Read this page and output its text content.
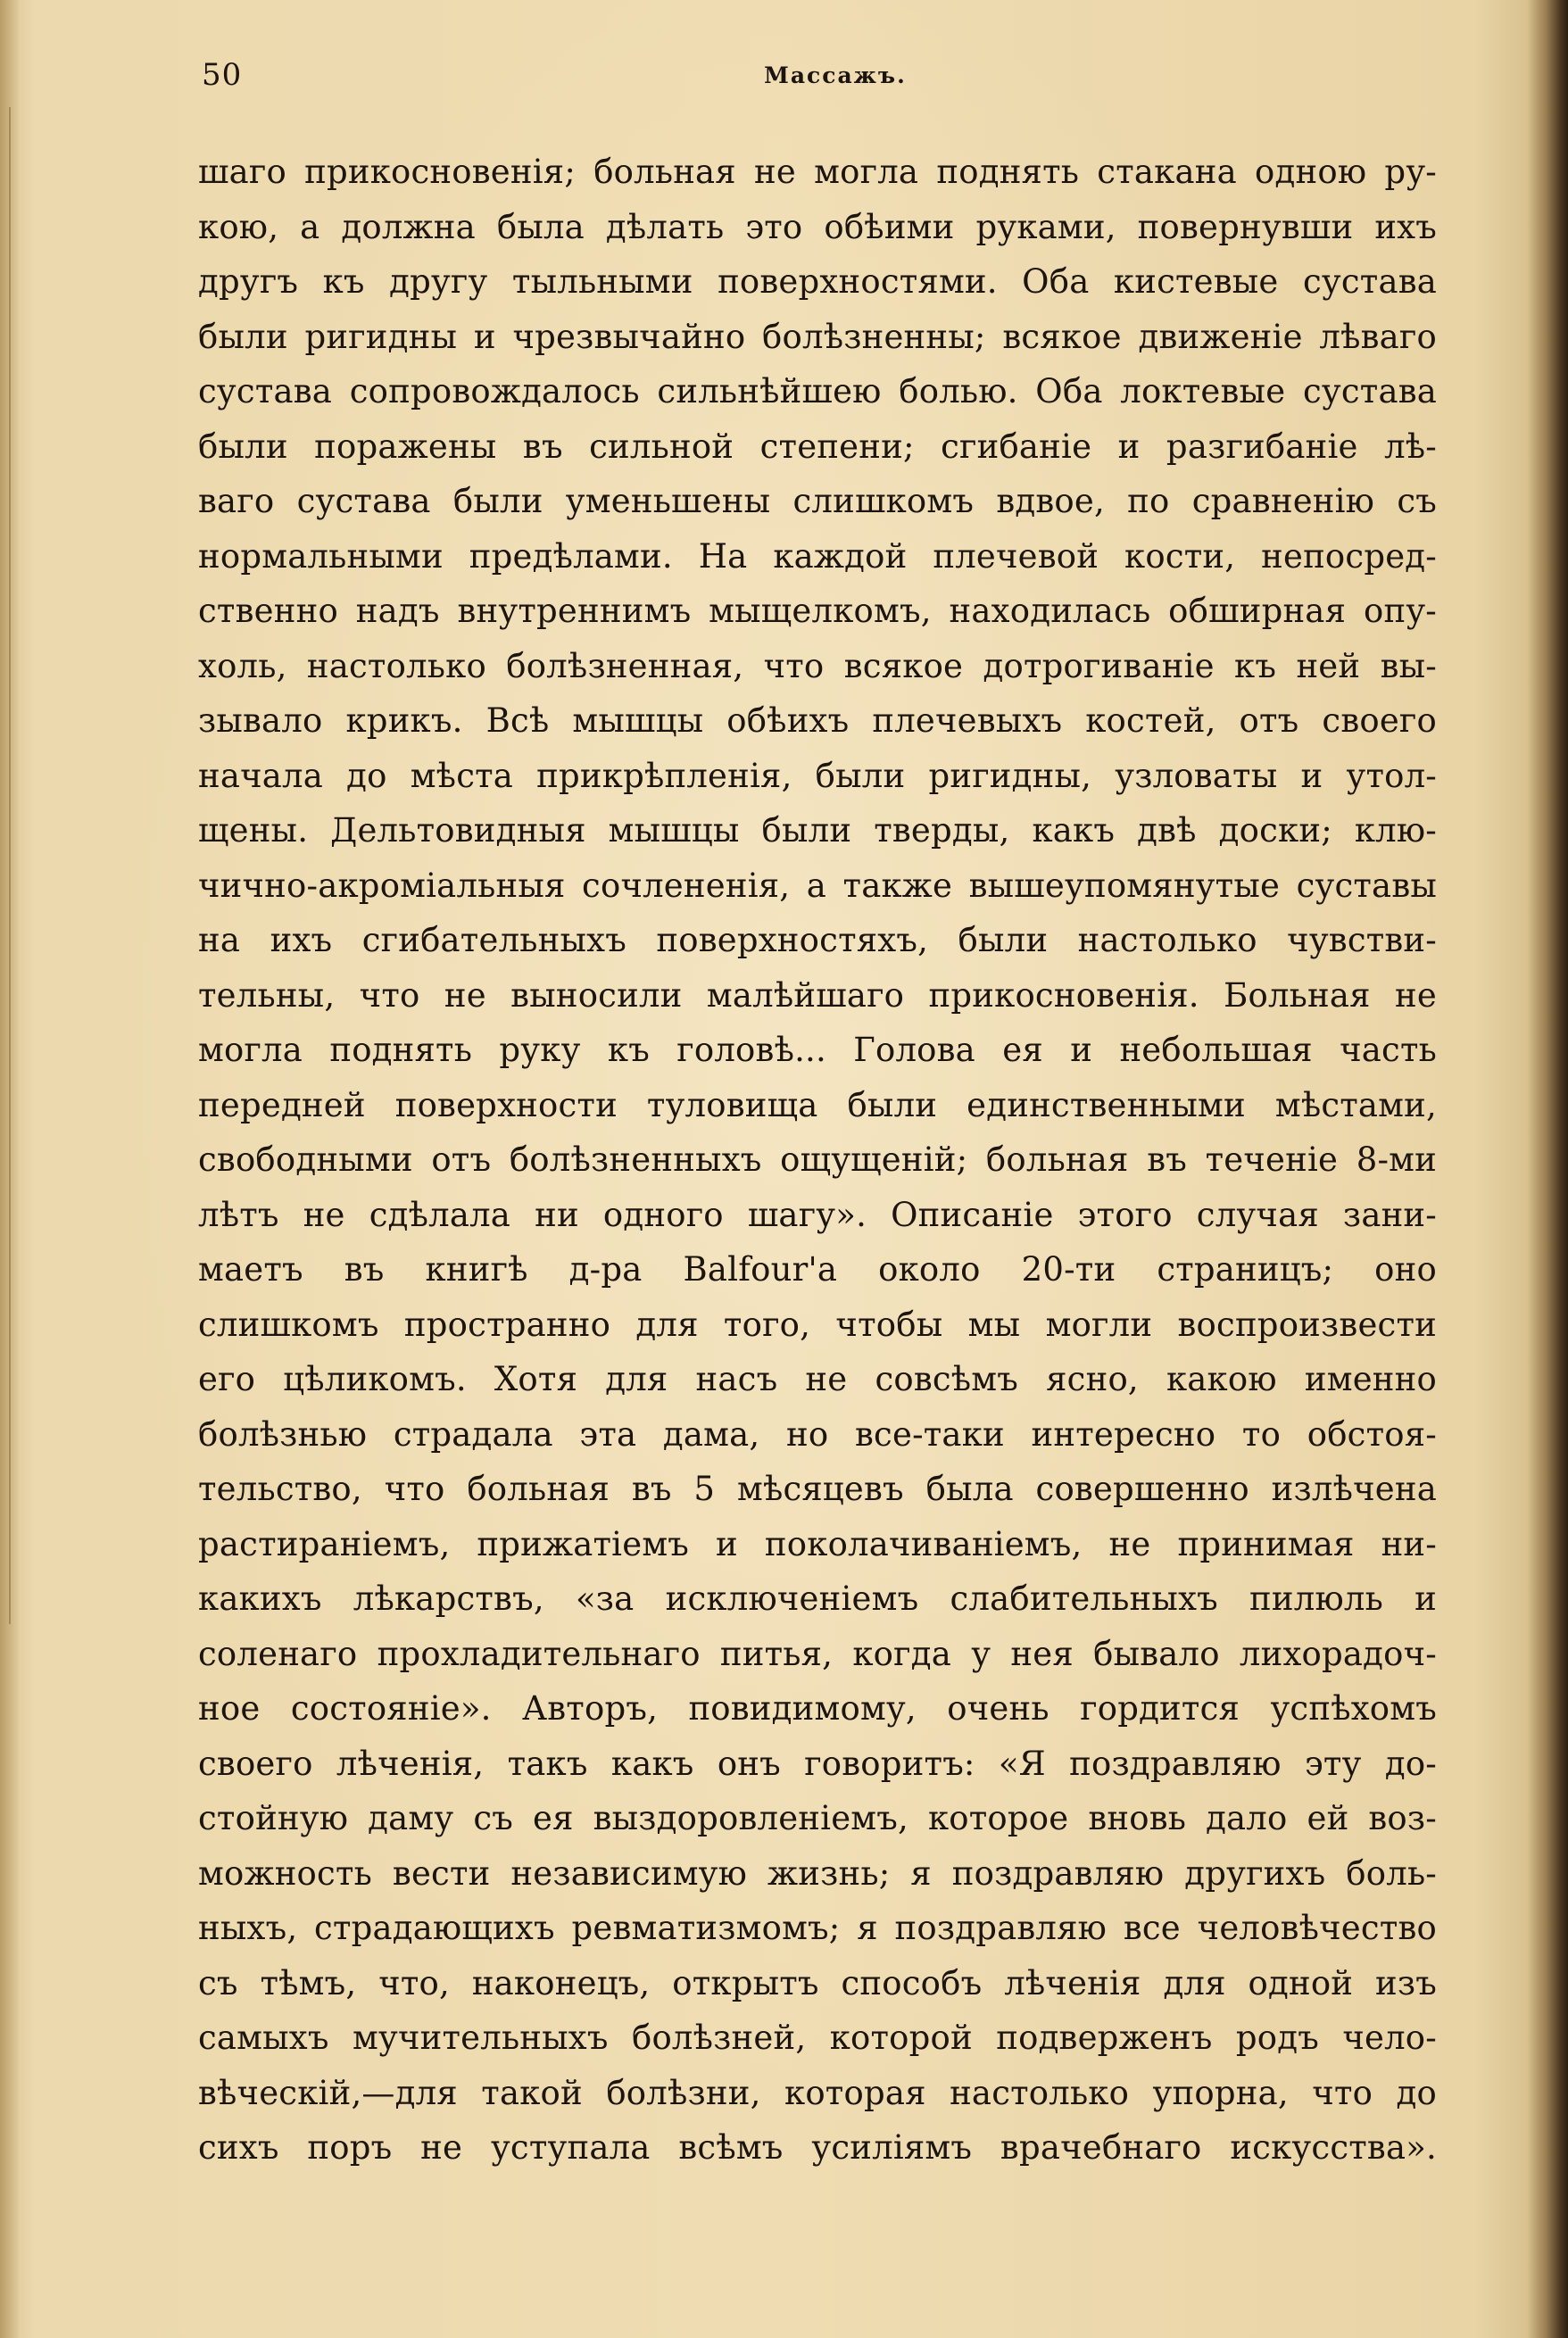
50	Массажъ.
шаго прикосновенія; больная не могла поднять стакана одною ру-
кою, а должна была дѣлать это обѣими руками, повернувши ихъ
другъ къ другу тыльными поверхностями. Оба кистевые сустава
были ригидны и чрезвычайно болѣзненны; всякое движеніе лѣваго
сустава сопровождалось сильнѣйшею болью. Оба локтевые сустава
были поражены въ сильной степени; сгибаніе и разгибаніе лѣ-
ваго сустава были уменьшены слишкомъ вдвое, по сравненію съ
нормальными предѣлами. На каждой плечевой кости, непосред-
ственно надъ внутреннимъ мыщелкомъ, находилась обширная опу-
холь, настолько болѣзненная, что всякое дотрогиваніе къ ней вы-
зывало крикъ. Всѣ мышцы обѣихъ плечевыхъ костей, отъ своего
начала до мѣста прикрѣпленія, были ригидны, узловаты и утол-
щены. Дельтовидныя мышцы были тверды, какъ двѣ доски; клю-
чично-акроміальныя сочлененія, а также вышеупомянутые суставы
на ихъ сгибательныхъ поверхностяхъ, были настолько чувстви-
тельны, что не выносили малѣйшаго прикосновенія. Больная не
могла поднять руку къ головѣ... Голова ея и небольшая часть
передней поверхности туловища были единственными мѣстами,
свободными отъ болѣзненныхъ ощущеній; больная въ теченіе 8-ми
лѣтъ не сдѣлала ни одного шагу». Описаніе этого случая зани-
маетъ въ книгѣ д-ра Balfour'а около 20-ти страницъ; оно
слишкомъ пространно для того, чтобы мы могли воспроизвести
его цѣликомъ. Хотя для насъ не совсѣмъ ясно, какою именно
болѣзнью страдала эта дама, но все-таки интересно то обстоя-
тельство, что больная въ 5 мѣсяцевъ была совершенно излѣчена
растираніемъ, прижатіемъ и поколачиваніемъ, не принимая ни-
какихъ лѣкарствъ, «за исключеніемъ слабительныхъ пилюль и
соленаго прохладительнаго питья, когда у нея бывало лихорадоч-
ное состояніе». Авторъ, повидимому, очень гордится успѣхомъ
своего лѣченія, такъ какъ онъ говоритъ: «Я поздравляю эту до-
стойную даму съ ея выздоровленіемъ, которое вновь дало ей воз-
можность вести независимую жизнь; я поздравляю другихъ боль-
ныхъ, страдающихъ ревматизмомъ; я поздравляю все человѣчество
съ тѣмъ, что, наконецъ, открытъ способъ лѣченія для одной изъ
самыхъ мучительныхъ болѣзней, которой подверженъ родъ чело-
вѣческій,—для такой болѣзни, которая настолько упорна, что до
сихъ поръ не уступала всѣмъ усиліямъ врачебнаго искусства».
